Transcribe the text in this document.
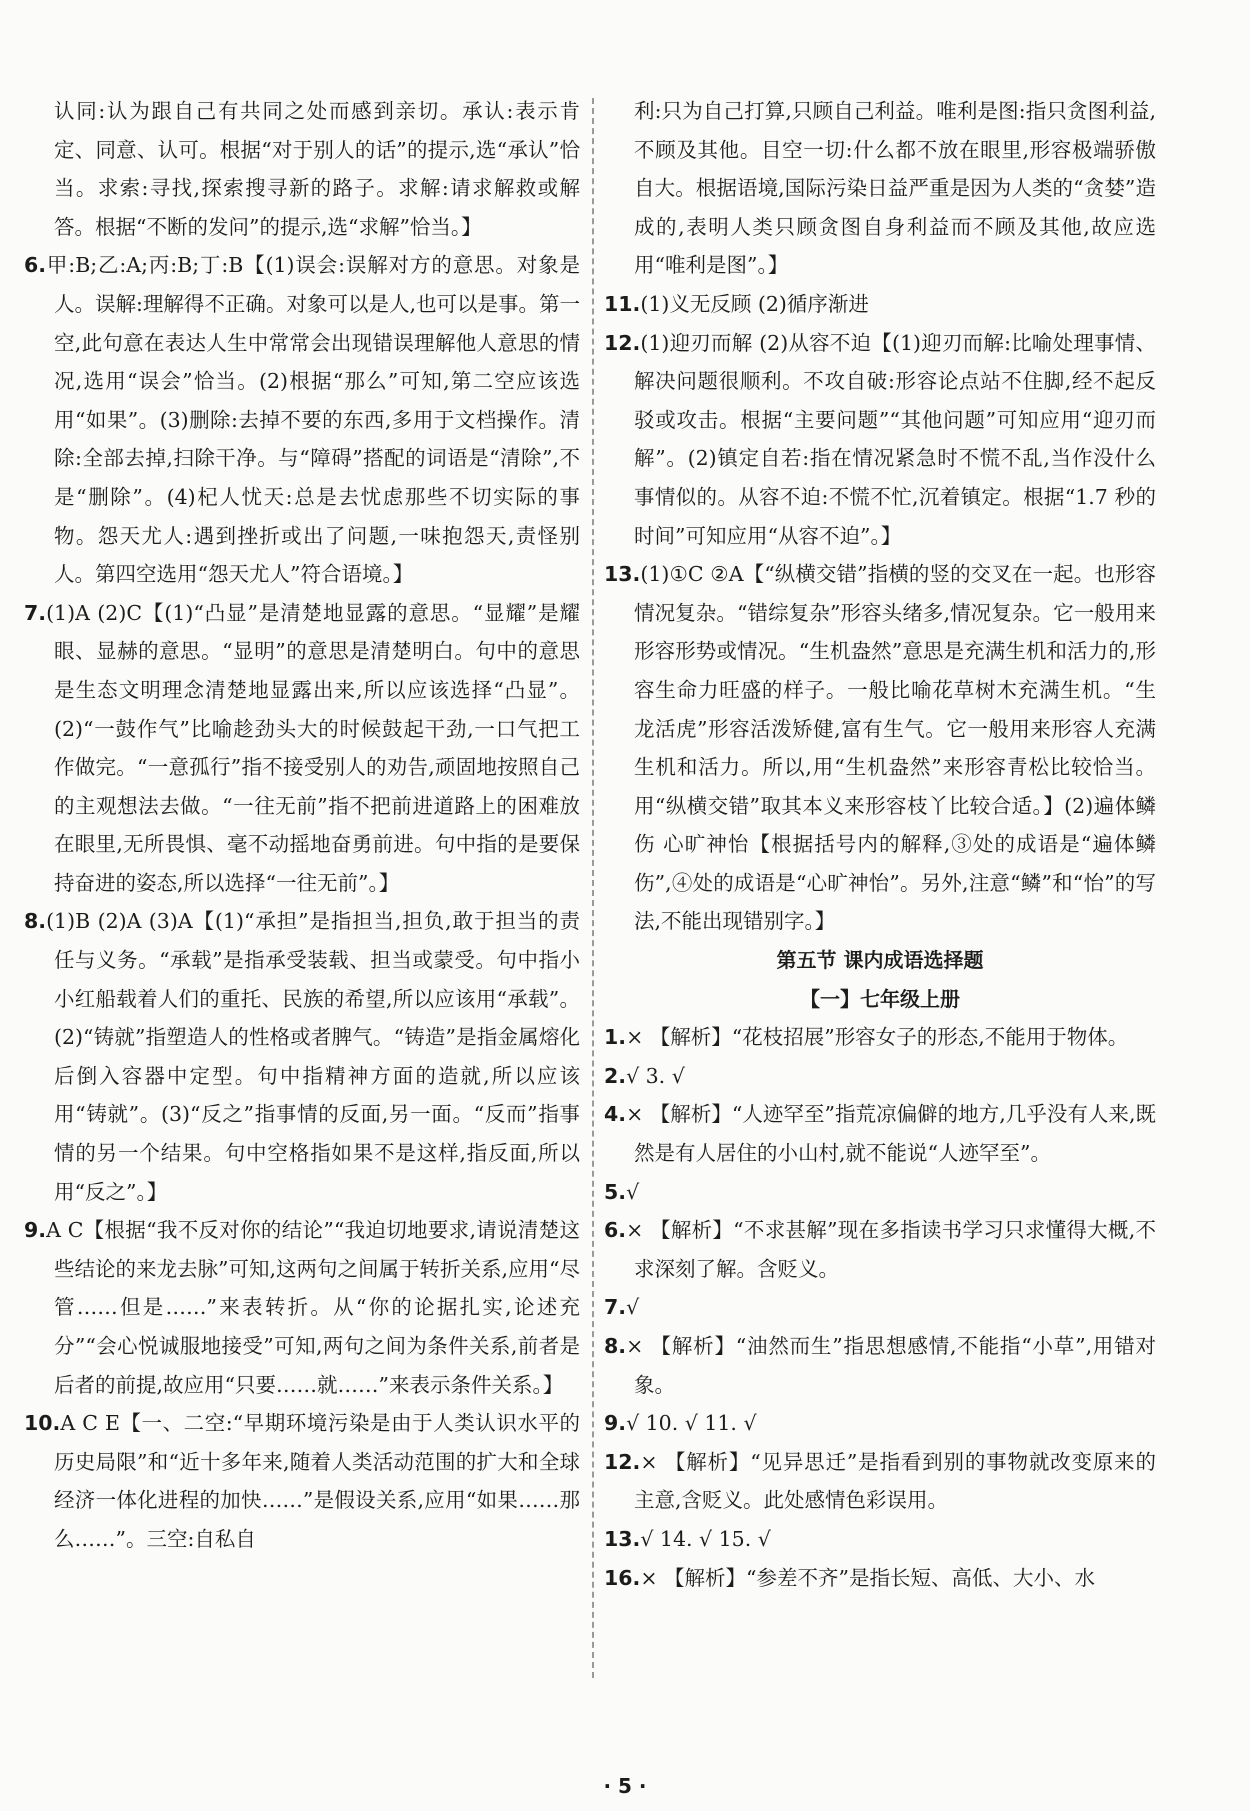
认同:认为跟自己有共同之处而感到亲切。承认:表示肯定、同意、认可。根据“对于别人的话”的提示,选“承认”恰当。求索:寻找,探索搜寻新的路子。求解:请求解救或解答。根据“不断的发问”的提示,选“求解”恰当。】

6.甲:B;乙:A;丙:B;丁:B【(1)误会:误解对方的意思。对象是人。误解:理解得不正确。对象可以是人,也可以是事。第一空,此句意在表达人生中常常会出现错误理解他人意思的情况,选用“误会”恰当。(2)根据“那么”可知,第二空应该选用“如果”。(3)删除:去掉不要的东西,多用于文档操作。清除:全部去掉,扫除干净。与“障碍”搭配的词语是“清除”,不是“删除”。(4)杞人忧天:总是去忧虑那些不切实际的事物。怨天尤人:遇到挫折或出了问题,一味抱怨天,责怪别人。第四空选用“怨天尤人”符合语境。】

7.(1)A (2)C【(1)“凸显”是清楚地显露的意思。“显耀”是耀眼、显赫的意思。“显明”的意思是清楚明白。句中的意思是生态文明理念清楚地显露出来,所以应该选择“凸显”。(2)“一鼓作气”比喻趁劲头大的时候鼓起干劲,一口气把工作做完。“一意孤行”指不接受别人的劝告,顽固地按照自己的主观想法去做。“一往无前”指不把前进道路上的困难放在眼里,无所畏惧、毫不动摇地奋勇前进。句中指的是要保持奋进的姿态,所以选择“一往无前”。】

8.(1)B (2)A (3)A【(1)“承担”是指担当,担负,敢于担当的责任与义务。“承载”是指承受装载、担当或蒙受。句中指小小红船载着人们的重托、民族的希望,所以应该用“承载”。(2)“铸就”指塑造人的性格或者脾气。“铸造”是指金属熔化后倒入容器中定型。句中指精神方面的造就,所以应该用“铸就”。(3)“反之”指事情的反面,另一面。“反而”指事情的另一个结果。句中空格指如果不是这样,指反面,所以用“反之”。】

9.A C【根据“我不反对你的结论”“我迫切地要求,请说清楚这些结论的来龙去脉”可知,这两句之间属于转折关系,应用“尽管……但是……”来表转折。从“你的论据扎实,论述充分”“会心悦诚服地接受”可知,两句之间为条件关系,前者是后者的前提,故应用“只要……就……”来表示条件关系。】

10.A C E【一、二空:“早期环境污染是由于人类认识水平的历史局限”和“近十多年来,随着人类活动范围的扩大和全球经济一体化进程的加快……”是假设关系,应用“如果……那么……”。三空:自私自

利:只为自己打算,只顾自己利益。唯利是图:指只贪图利益,不顾及其他。目空一切:什么都不放在眼里,形容极端骄傲自大。根据语境,国际污染日益严重是因为人类的“贪婪”造成的,表明人类只顾贪图自身利益而不顾及其他,故应选用“唯利是图”。】

11.(1)义无反顾 (2)循序渐进

12.(1)迎刃而解 (2)从容不迫【(1)迎刃而解:比喻处理事情、解决问题很顺利。不攻自破:形容论点站不住脚,经不起反驳或攻击。根据“主要问题”“其他问题”可知应用“迎刃而解”。(2)镇定自若:指在情况紧急时不慌不乱,当作没什么事情似的。从容不迫:不慌不忙,沉着镇定。根据“1.7 秒的时间”可知应用“从容不迫”。】

13.(1)①C ②A【“纵横交错”指横的竖的交叉在一起。也形容情况复杂。“错综复杂”形容头绪多,情况复杂。它一般用来形容形势或情况。“生机盎然”意思是充满生机和活力的,形容生命力旺盛的样子。一般比喻花草树木充满生机。“生龙活虎”形容活泼矫健,富有生气。它一般用来形容人充满生机和活力。所以,用“生机盎然”来形容青松比较恰当。用“纵横交错”取其本义来形容枝丫比较合适。】(2)遍体鳞伤 心旷神怡【根据括号内的解释,③处的成语是“遍体鳞伤”,④处的成语是“心旷神怡”。另外,注意“鳞”和“怡”的写法,不能出现错别字。】

第五节 课内成语选择题

【一】七年级上册

1.× 【解析】“花枝招展”形容女子的形态,不能用于物体。

2.√ 3. √

4.× 【解析】“人迹罕至”指荒凉偏僻的地方,几乎没有人来,既然是有人居住的小山村,就不能说“人迹罕至”。

5.√

6.× 【解析】“不求甚解”现在多指读书学习只求懂得大概,不求深刻了解。含贬义。

7.√

8.× 【解析】“油然而生”指思想感情,不能指“小草”,用错对象。

9.√ 10. √ 11. √

12.× 【解析】“见异思迁”是指看到别的事物就改变原来的主意,含贬义。此处感情色彩误用。

13.√ 14. √ 15. √

16.× 【解析】“参差不齐”是指长短、高低、大小、水

· 5 ·
